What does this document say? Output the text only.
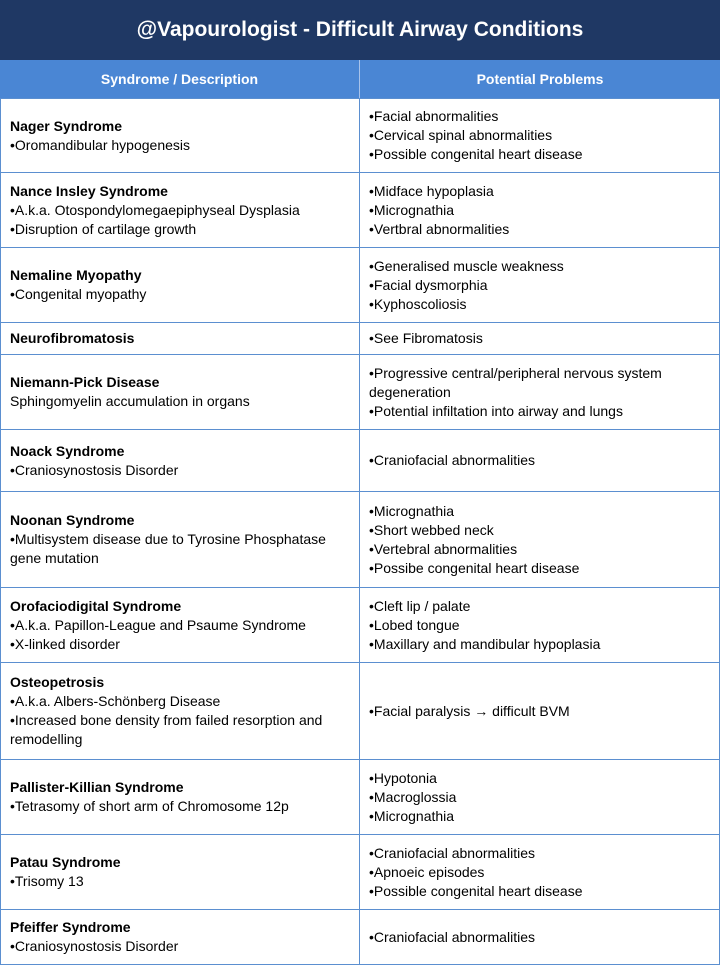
@Vapourologist - Difficult Airway Conditions
Syndrome / Description	Potential Problems
Nager Syndrome
•Oromandibular hypogenesis
•Facial abnormalities
•Cervical spinal abnormalities
•Possible congenital heart disease
Nance Insley Syndrome
•A.k.a. Otospondylomegaepiphyseal Dysplasia
•Disruption of cartilage growth
•Midface hypoplasia
•Micrognathia
•Vertbral abnormalities
Nemaline Myopathy
•Congenital myopathy
•Generalised muscle weakness
•Facial dysmorphia
•Kyphoscoliosis
Neurofibromatosis	•See Fibromatosis
Niemann-Pick Disease
Sphingomyelin accumulation in organs
•Progressive central/peripheral nervous system degeneration
•Potential infiltation into airway and lungs
Noack Syndrome
•Craniosynostosis Disorder
•Craniofacial abnormalities
Noonan Syndrome
•Multisystem disease due to Tyrosine Phosphatase gene mutation
•Micrognathia
•Short webbed neck
•Vertebral abnormalities
•Possibe congenital heart disease
Orofaciodigital Syndrome
•A.k.a. Papillon-League and Psaume Syndrome
•X-linked disorder
•Cleft lip / palate
•Lobed tongue
•Maxillary and mandibular hypoplasia
Osteopetrosis
•A.k.a. Albers-Schönberg Disease
•Increased bone density from failed resorption and remodelling
•Facial paralysis → difficult BVM
Pallister-Killian Syndrome
•Tetrasomy of short arm of Chromosome 12p
•Hypotonia
•Macroglossia
•Micrognathia
Patau Syndrome
•Trisomy 13
•Craniofacial abnormalities
•Apnoeic episodes
•Possible congenital heart disease
Pfeiffer Syndrome
•Craniosynostosis Disorder
•Craniofacial abnormalities
